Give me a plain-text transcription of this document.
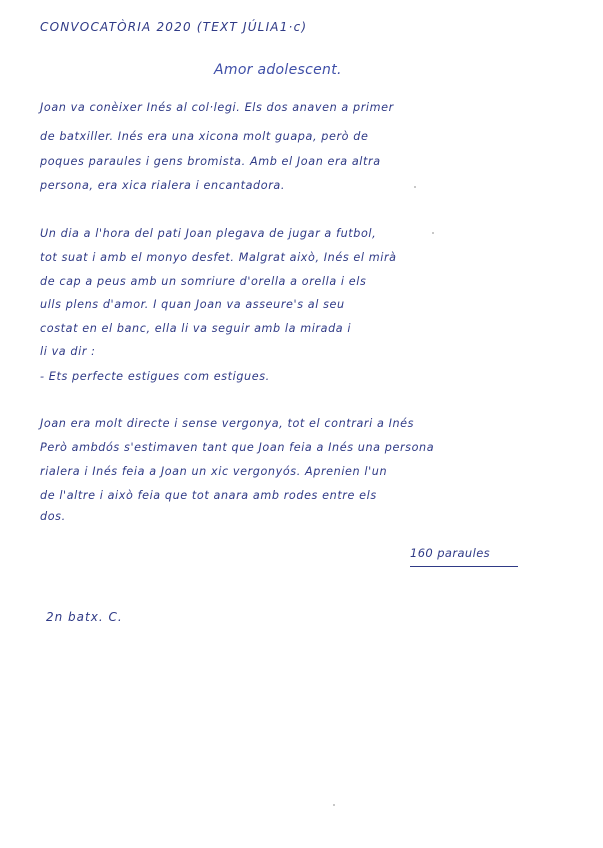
CONVOCATÒRIA 2020 (TEXT JÚLIA1·c)
Amor adolescent.
Joan va conèixer Inés al col·legi. Els dos anaven a primer
de batxiller. Inés era una xicona molt guapa, però de
poques paraules i gens bromista. Amb el Joan era altra
persona, era xica rialera i encantadora.
Un dia a l'hora del pati Joan plegava de jugar a futbol,
tot suat i amb el monyo desfet. Malgrat això, Inés el mirà
de cap a peus amb un somriure d'orella a orella i els
ulls plens d'amor. I quan Joan va asseure's al seu
costat en el banc, ella li va seguir amb la mirada i
li va dir :
- Ets perfecte estigues com estigues.
Joan era molt directe i sense vergonya, tot el contrari a Inés
Però ambdós s'estimaven tant que Joan feia a Inés una persona
rialera i Inés feia a Joan un xic vergonyós. Aprenien l'un
de l'altre i això feia que tot anara amb rodes entre els
dos.
160 paraules
2n batx. C.
